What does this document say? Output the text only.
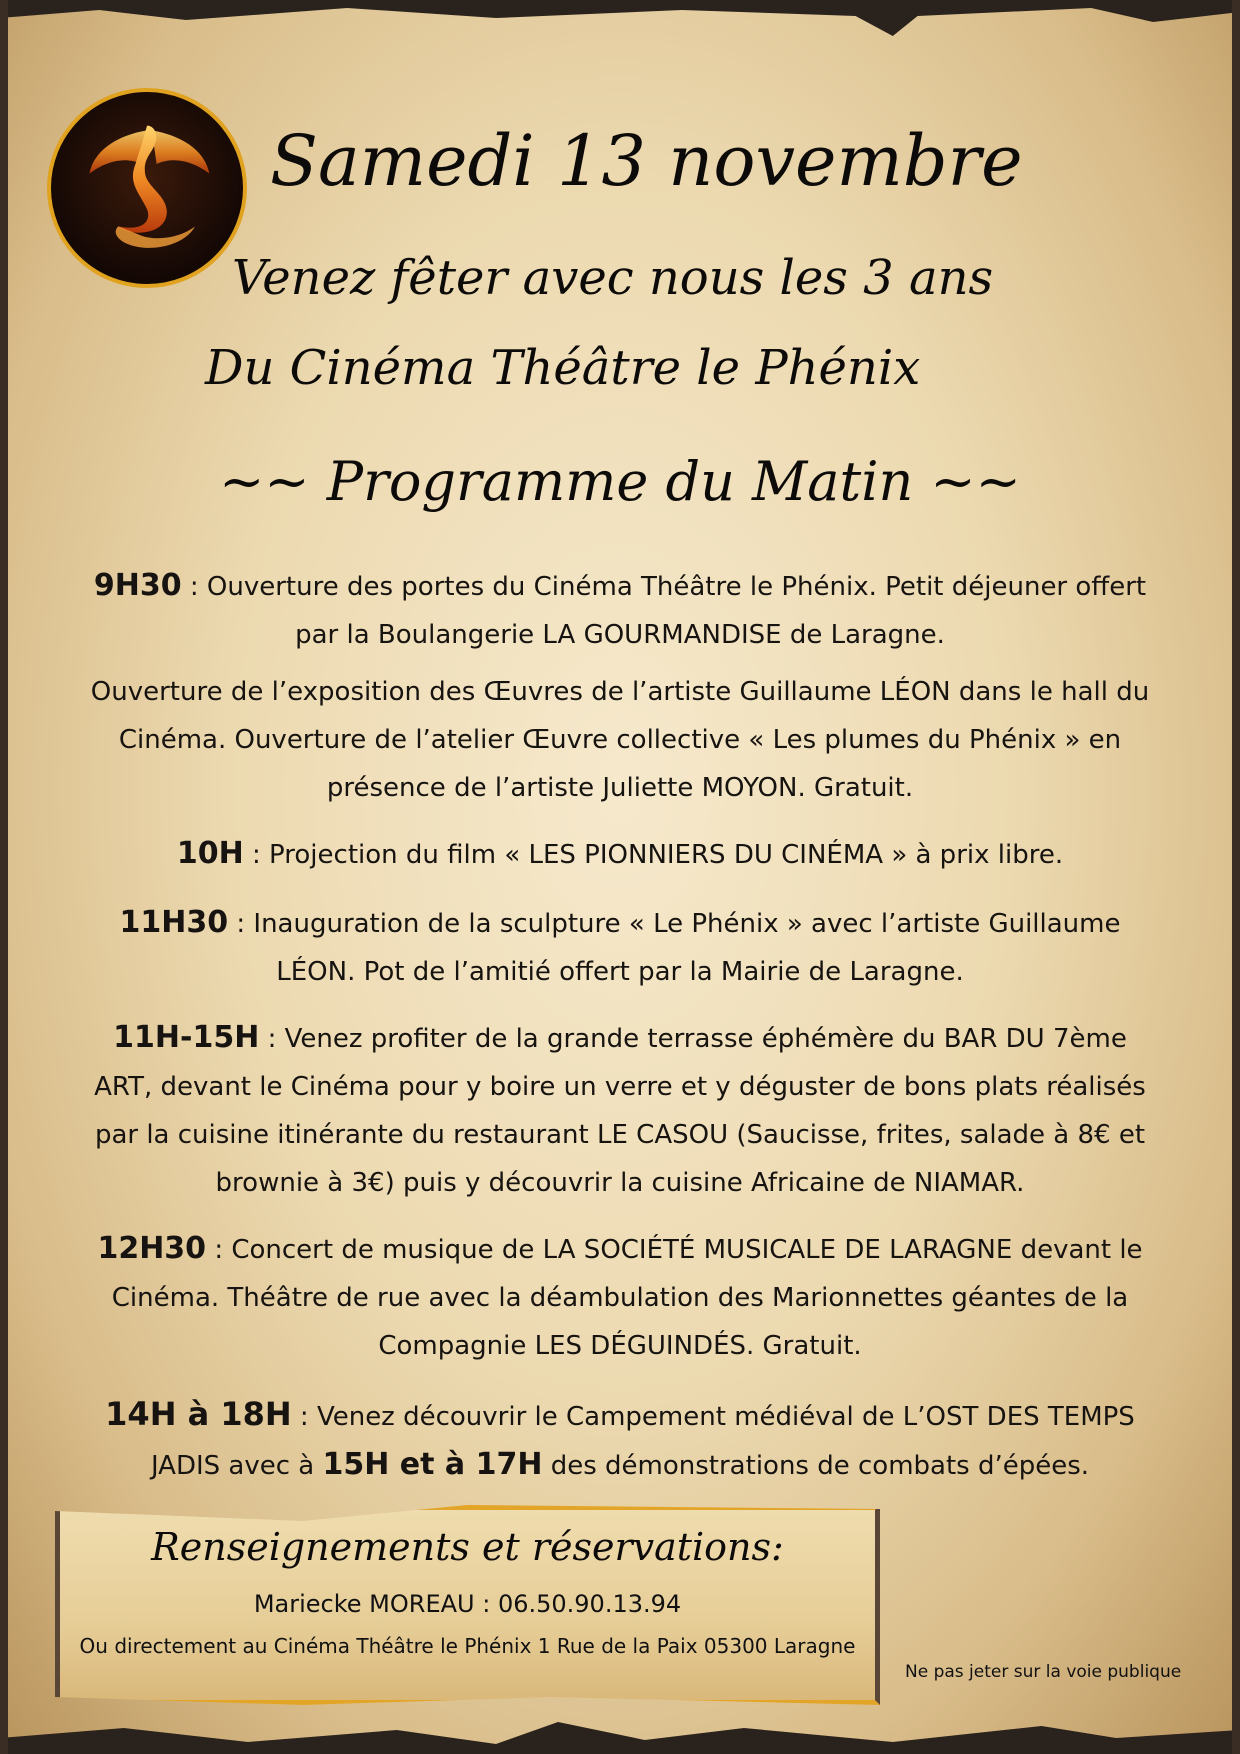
Samedi 13 novembre
Venez fêter avec nous les 3 ans
Du Cinéma Théâtre le Phénix
~~ Programme du Matin ~~
9H30 : Ouverture des portes du Cinéma Théâtre le Phénix. Petit déjeuner offert par la Boulangerie LA GOURMANDISE de Laragne.
Ouverture de l’exposition des Œuvres de l’artiste Guillaume LÉON dans le hall du Cinéma. Ouverture de l’atelier Œuvre collective « Les plumes du Phénix » en présence de l’artiste Juliette MOYON. Gratuit.
10H : Projection du film « LES PIONNIERS DU CINÉMA » à prix libre.
11H30 : Inauguration de la sculpture « Le Phénix » avec l’artiste Guillaume LÉON. Pot de l’amitié offert par la Mairie de Laragne.
11H-15H : Venez profiter de la grande terrasse éphémère du BAR DU 7ème ART, devant le Cinéma pour y boire un verre et y déguster de bons plats réalisés par la cuisine itinérante du restaurant LE CASOU (Saucisse, frites, salade à 8€ et brownie à 3€) puis y découvrir la cuisine Africaine de NIAMAR.
12H30 : Concert de musique de LA SOCIÉTÉ MUSICALE DE LARAGNE devant le Cinéma. Théâtre de rue avec la déambulation des Marionnettes géantes de la Compagnie LES DÉGUINDÉS. Gratuit.
14H à 18H : Venez découvrir le Campement médiéval de L’OST DES TEMPS JADIS avec à 15H et à 17H des démonstrations de combats d’épées.
Renseignements et réservations:
Mariecke MOREAU : 06.50.90.13.94
Ou directement au Cinéma Théâtre le Phénix 1 Rue de la Paix 05300 Laragne
Ne pas jeter sur la voie publique
